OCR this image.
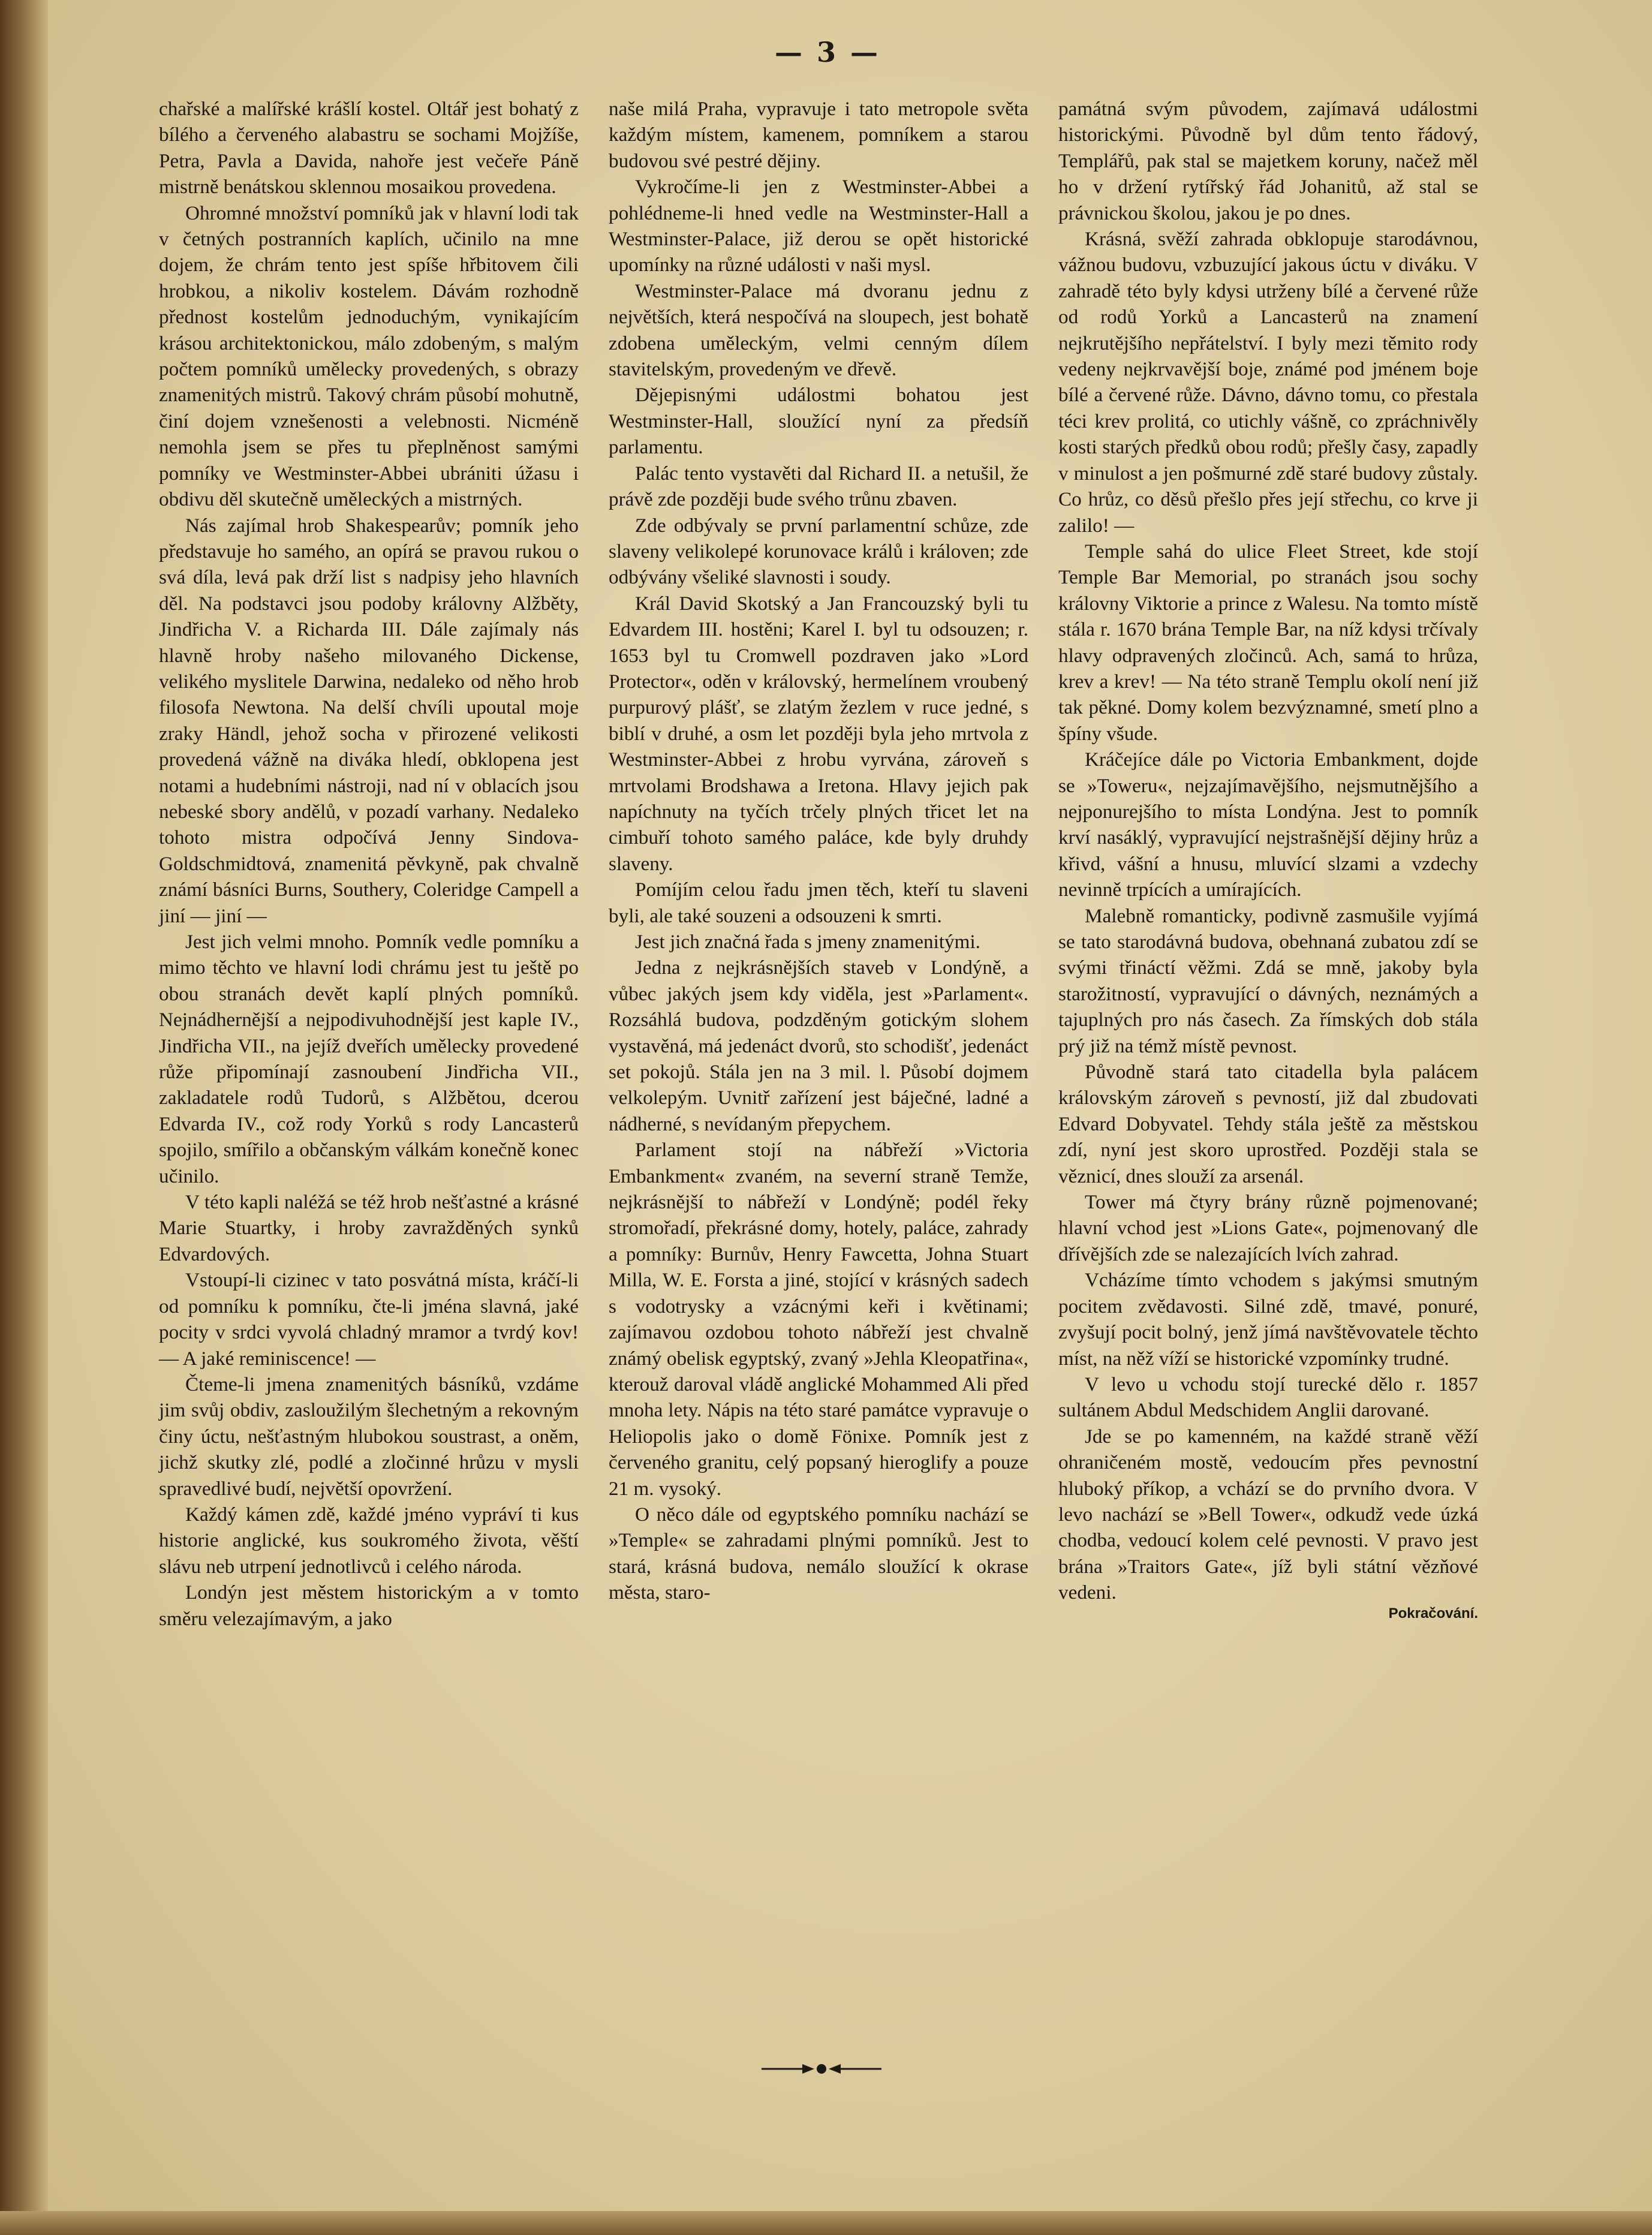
— 3 —

chařské a malířské krášlí kostel. Oltář jest bohatý z bílého a červeného alabastru se sochami Mojžíše, Petra, Pavla a Davida, nahoře jest večeře Páně mistrně benátskou sklennou mosaikou provedena.

Ohromné množství pomníků jak v hlavní lodi tak v četných postranních kaplích, učinilo na mne dojem, že chrám tento jest spíše hřbitovem čili hrobkou, a nikoliv kostelem. Dávám rozhodně přednost kostelům jednoduchým, vynikajícím krásou architektonickou, málo zdobeným, s malým počtem pomníků umělecky provedených, s obrazy znamenitých mistrů. Takový chrám působí mohutně, činí dojem vznešenosti a velebnosti. Nicméně nemohla jsem se přes tu přeplněnost samými pomníky ve Westminster-Abbei ubrániti úžasu i obdivu děl skutečně uměleckých a mistrných.

Nás zajímal hrob Shakespearův; pomník jeho představuje ho samého, an opírá se pravou rukou o svá díla, levá pak drží list s nadpisy jeho hlavních děl. Na podstavci jsou podoby královny Alžběty, Jindřicha V. a Richarda III. Dále zajímaly nás hlavně hroby našeho milovaného Dickense, velikého myslitele Darwina, nedaleko od něho hrob filosofa Newtona. Na delší chvíli upoutal moje zraky Händl, jehož socha v přirozené velikosti provedená vážně na diváka hledí, obklopena jest notami a hudebními nástroji, nad ní v oblacích jsou nebeské sbory andělů, v pozadí varhany. Nedaleko tohoto mistra odpočívá Jenny Sindova-Goldschmidtová, znamenitá pěvkyně, pak chvalně známí básníci Burns, Southery, Coleridge Campell a jiní — jiní —

Jest jich velmi mnoho. Pomník vedle pomníku a mimo těchto ve hlavní lodi chrámu jest tu ještě po obou stranách devět kaplí plných pomníků. Nejnádhernější a nejpodivuhodnější jest kaple IV., Jindřicha VII., na jejíž dveřích umělecky provedené růže připomínají zasnoubení Jindřicha VII., zakladatele rodů Tudorů, s Alžbětou, dcerou Edvarda IV., což rody Yorků s rody Lancasterů spojilo, smířilo a občanským válkám konečně konec učinilo.

V této kapli naléžá se též hrob nešťastné a krásné Marie Stuartky, i hroby zavražděných synků Edvardových.

Vstoupí-li cizinec v tato posvátná místa, kráčí-li od pomníku k pomníku, čte-li jména slavná, jaké pocity v srdci vyvolá chladný mramor a tvrdý kov! — A jaké reminiscence! —

Čteme-li jmena znamenitých básníků, vzdáme jim svůj obdiv, zasloužilým šlechetným a rekovným činy úctu, nešťastným hlubokou soustrast, a oněm, jichž skutky zlé, podlé a zločinné hrůzu v mysli spravedlivé budí, největší opovržení.

Každý kámen zdě, každé jméno vypráví ti kus historie anglické, kus soukromého života, věští slávu neb utrpení jednotlivců i celého národa.

Londýn jest městem historickým a v tomto směru velezajímavým, a jako

naše milá Praha, vypravuje i tato metropole světa každým místem, kamenem, pomníkem a starou budovou své pestré dějiny.

Vykročíme-li jen z Westminster-Abbei a pohlédneme-li hned vedle na Westminster-Hall a Westminster-Palace, již derou se opět historické upomínky na různé události v naši mysl.

Westminster-Palace má dvoranu jednu z největších, která nespočívá na sloupech, jest bohatě zdobena uměleckým, velmi cenným dílem stavitelským, provedeným ve dřevě.

Dějepisnými událostmi bohatou jest Westminster-Hall, sloužící nyní za předsíň parlamentu.

Palác tento vystavěti dal Richard II. a netušil, že právě zde později bude svého trůnu zbaven.

Zde odbývaly se první parlamentní schůze, zde slaveny velikolepé korunovace králů i královen; zde odbývány všeliké slavnosti i soudy.

Král David Skotský a Jan Francouzský byli tu Edvardem III. hostěni; Karel I. byl tu odsouzen; r. 1653 byl tu Cromwell pozdraven jako »Lord Protector«, oděn v královský, hermelínem vroubený purpurový plášť, se zlatým žezlem v ruce jedné, s biblí v druhé, a osm let později byla jeho mrtvola z Westminster-Abbei z hrobu vyrvána, zároveň s mrtvolami Brodshawa a Iretona. Hlavy jejich pak napíchnuty na tyčích trčely plných třicet let na cimbuří tohoto samého paláce, kde byly druhdy slaveny.

Pomíjím celou řadu jmen těch, kteří tu slaveni byli, ale také souzeni a odsouzeni k smrti.

Jest jich značná řada s jmeny znamenitými.

Jedna z nejkrásnějších staveb v Londýně, a vůbec jakých jsem kdy viděla, jest »Parlament«. Rozsáhlá budova, podzděným gotickým slohem vystavěná, má jedenáct dvorů, sto schodišť, jedenáct set pokojů. Stála jen na 3 mil. l. Působí dojmem velkolepým. Uvnitř zařízení jest báječné, ladné a nádherné, s nevídaným přepychem.

Parlament stojí na nábřeží »Victoria Embankment« zvaném, na severní straně Temže, nejkrásnější to nábřeží v Londýně; podél řeky stromořadí, překrásné domy, hotely, paláce, zahrady a pomníky: Burnův, Henry Fawcetta, Johna Stuart Milla, W. E. Forsta a jiné, stojící v krásných sadech s vodotrysky a vzácnými keři i květinami; zajímavou ozdobou tohoto nábřeží jest chvalně známý obelisk egyptský, zvaný »Jehla Kleopatřina«, kterouž daroval vládě anglické Mohammed Ali před mnoha lety. Nápis na této staré památce vypravuje o Heliopolis jako o domě Fönixe. Pomník jest z červeného granitu, celý popsaný hieroglify a pouze 21 m. vysoký.

O něco dále od egyptského pomníku nachází se »Temple« se zahradami plnými pomníků. Jest to stará, krásná budova, nemálo sloužící k okrase města, staro-

památná svým původem, zajímavá událostmi historickými. Původně byl dům tento řádový, Templářů, pak stal se majetkem koruny, načež měl ho v držení rytířský řád Johanitů, až stal se právnickou školou, jakou je po dnes.

Krásná, svěží zahrada obklopuje starodávnou, vážnou budovu, vzbuzující jakous úctu v diváku. V zahradě této byly kdysi utrženy bílé a červené růže od rodů Yorků a Lancasterů na znamení nejkrutějšího nepřátelství. I byly mezi těmito rody vedeny nejkrvavější boje, známé pod jménem boje bílé a červené růže. Dávno, dávno tomu, co přestala téci krev prolitá, co utichly vášně, co zpráchnivěly kosti starých předků obou rodů; přešly časy, zapadly v minulost a jen pošmurné zdě staré budovy zůstaly. Co hrůz, co děsů přešlo přes její střechu, co krve ji zalilo! —

Temple sahá do ulice Fleet Street, kde stojí Temple Bar Memorial, po stranách jsou sochy královny Viktorie a prince z Walesu. Na tomto místě stála r. 1670 brána Temple Bar, na níž kdysi trčívaly hlavy odpravených zločinců. Ach, samá to hrůza, krev a krev! — Na této straně Templu okolí není již tak pěkné. Domy kolem bezvýznamné, smetí plno a špíny všude.

Kráčejíce dále po Victoria Embankment, dojde se »Toweru«, nejzajímavějšího, nejsmutnějšího a nejponurejšího to místa Londýna. Jest to pomník krví nasáklý, vypravující nejstrašnější dějiny hrůz a křivd, vášní a hnusu, mluvící slzami a vzdechy nevinně trpících a umírajících.

Malebně romanticky, podivně zasmušile vyjímá se tato starodávná budova, obehnaná zubatou zdí se svými třináctí věžmi. Zdá se mně, jakoby byla starožitností, vypravující o dávných, neznámých a tajuplných pro nás časech. Za římských dob stála prý již na témž místě pevnost.

Původně stará tato citadella byla palácem královským zároveň s pevností, již dal zbudovati Edvard Dobyvatel. Tehdy stála ještě za městskou zdí, nyní jest skoro uprostřed. Později stala se věznicí, dnes slouží za arsenál.

Tower má čtyry brány různě pojmenované; hlavní vchod jest »Lions Gate«, pojmenovaný dle dřívějších zde se nalezajících lvích zahrad.

Vcházíme tímto vchodem s jakýmsi smutným pocitem zvědavosti. Silné zdě, tmavé, ponuré, zvyšují pocit bolný, jenž jímá navštěvovatele těchto míst, na něž víží se historické vzpomínky trudné.

V levo u vchodu stojí turecké dělo r. 1857 sultánem Abdul Medschidem Anglii darované.

Jde se po kamenném, na každé straně věží ohraničeném mostě, vedoucím přes pevnostní hluboký příkop, a vchází se do prvního dvora. V levo nachází se »Bell Tower«, odkudž vede úzká chodba, vedoucí kolem celé pevnosti. V pravo jest brána »Traitors Gate«, jíž byli státní vězňové vedeni.

Pokračování.
